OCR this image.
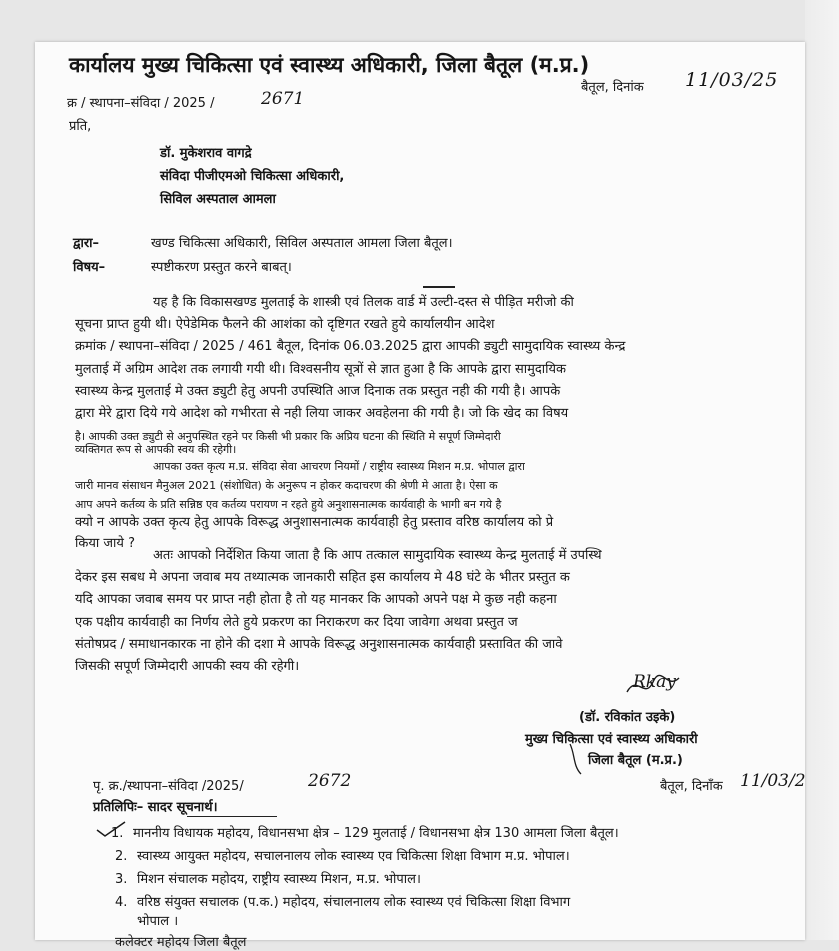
कार्यालय मुख्य चिकित्सा एवं स्वास्थ्य अधिकारी, जिला बैतूल (म.प्र.)
बैतूल, दिनांक 11/03/25
क्र / स्थापना–संविदा / 2025 /	2671
प्रति,
डॉ. मुकेशराव वागद्रे
संविदा पीजीएमओ चिकित्सा अधिकारी,
सिविल अस्पताल आमला
द्वारा–	खण्ड चिकित्सा अधिकारी, सिविल अस्पताल आमला जिला बैतूल।
विषय–	स्पष्टीकरण प्रस्तुत करने बाबत्।
यह है कि विकासखण्ड मुलताई के शास्त्री एवं तिलक वार्ड में उल्टी-दस्त से पीड़ित मरीजो की
सूचना प्राप्त हुयी थी। ऐपेडेमिक फैलने की आशंका को दृष्टिगत रखते हुये कार्यालयीन आदेश
क्रमांक / स्थापना–संविदा / 2025 / 461 बैतूल, दिनांक 06.03.2025 द्वारा आपकी ड्युटी सामुदायिक स्वास्थ्य केन्द्र
मुलताई में अग्रिम आदेश तक लगायी गयी थी। विश्वसनीय सूत्रों से ज्ञात हुआ है कि आपके द्वारा सामुदायिक
स्वास्थ्य केन्द्र मुलताई मे उक्त ड्युटी हेतु अपनी उपस्थिति आज दिनाक तक प्रस्तुत नही की गयी है। आपके
द्वारा मेरे द्वारा दिये गये आदेश को गभीरता से नही लिया जाकर अवहेलना की गयी है। जो कि खेद का विषय
है। आपकी उक्त ड्युटी से अनुपस्थित रहने पर किसी भी प्रकार कि अप्रिय घटना की स्थिति मे सपूर्ण जिम्मेदारी
व्यक्तिगत रूप से आपकी स्वय की रहेगी।
आपका उक्त कृत्य म.प्र. संविदा सेवा आचरण नियमों / राष्ट्रीय स्वास्थ्य मिशन म.प्र. भोपाल द्वारा
जारी मानव संसाधन मैनुअल 2021 (संशोधित) के अनुरूप न होकर कदाचरण की श्रेणी मे आता है। ऐसा क
आप अपने कर्तव्य के प्रति सन्निष्ठ एव कर्तव्य परायण न रहते हुये अनुशासनात्मक कार्यवाही के भागी बन गये है
क्यो न आपके उक्त कृत्य हेतु आपके विरूद्ध अनुशासनात्मक कार्यवाही हेतु प्रस्ताव वरिष्ठ कार्यालय को प्रे
किया जाये ?
अतः आपको निर्देशित किया जाता है कि आप तत्काल सामुदायिक स्वास्थ्य केन्द्र मुलताई में उपस्थि
देकर इस सबध मे अपना जवाब मय तथ्यात्मक जानकारी सहित इस कार्यालय मे 48 घंटे के भीतर प्रस्तुत क
यदि आपका जवाब समय पर प्राप्त नही होता है तो यह मानकर कि आपको अपने पक्ष मे कुछ नही कहना
एक पक्षीय कार्यवाही का निर्णय लेते हुये प्रकरण का निराकरण कर दिया जावेगा अथवा प्रस्तुत ज
संतोषप्रद / समाधानकारक ना होने की दशा मे आपके विरूद्ध अनुशासनात्मक कार्यवाही प्रस्तावित की जावे
जिसकी सपूर्ण जिम्मेदारी आपकी स्वय की रहेगी।
Rkay
(डॉ. रविकांत उइके)
मुख्य चिकित्सा एवं स्वास्थ्य अधिकारी
जिला बैतूल (म.प्र.)
पृ. क्र./स्थापना–संविदा /2025/	2672	बैतूल, दिनाँक 11/03/2
प्रतिलिपिः– सादर सूचनार्थ।
1. माननीय विधायक महोदय, विधानसभा क्षेत्र – 129 मुलताई / विधानसभा क्षेत्र 130 आमला जिला बैतूल।
2. स्वास्थ्य आयुक्त महोदय, सचालनालय लोक स्वास्थ्य एव चिकित्सा शिक्षा विभाग म.प्र. भोपाल।
3. मिशन संचालक महोदय, राष्ट्रीय स्वास्थ्य मिशन, म.प्र. भोपाल।
4. वरिष्ठ संयुक्त सचालक (प.क.) महोदय, संचालनालय लोक स्वास्थ्य एवं चिकित्सा शिक्षा विभाग
भोपाल ।
कलेक्टर महोदय जिला बैतूल
